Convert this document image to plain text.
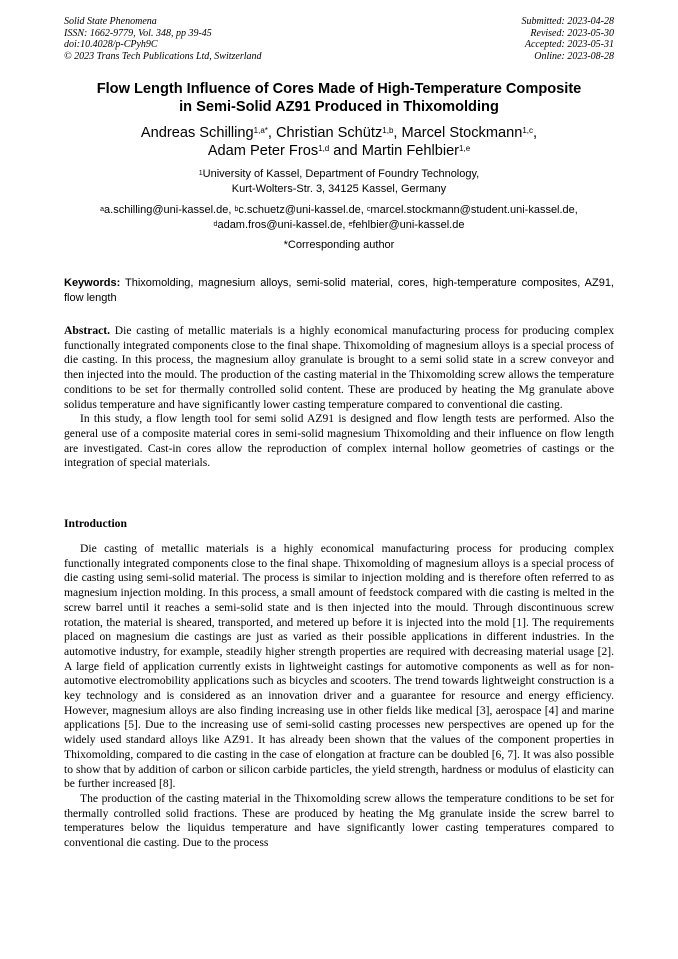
Solid State Phenomena
ISSN: 1662-9779, Vol. 348, pp 39-45
doi:10.4028/p-CPyh9C
© 2023 Trans Tech Publications Ltd, Switzerland
Submitted: 2023-04-28
Revised: 2023-05-30
Accepted: 2023-05-31
Online: 2023-08-28
Flow Length Influence of Cores Made of High-Temperature Composite
in Semi-Solid AZ91 Produced in Thixomolding
Andreas Schilling$^{1,a*}$, Christian Schütz$^{1,b}$, Marcel Stockmann$^{1,c}$,
Adam Peter Fros$^{1,d}$ and Martin Fehlbier$^{1,e}$
$^1$University of Kassel, Department of Foundry Technology,
Kurt-Wolters-Str. 3, 34125 Kassel, Germany
$^a$a.schilling@uni-kassel.de, $^b$c.schuetz@uni-kassel.de, $^c$marcel.stockmann@student.uni-kassel.de,
$^d$adam.fros@uni-kassel.de, $^e$fehlbier@uni-kassel.de
*Corresponding author
Keywords: Thixomolding, magnesium alloys, semi-solid material, cores, high-temperature composites, AZ91, flow length

Abstract. Die casting of metallic materials is a highly economical manufacturing process for producing complex functionally integrated components close to the final shape. Thixomolding of magnesium alloys is a special process of die casting. In this process, the magnesium alloy granulate is brought to a semi solid state in a screw conveyor and then injected into the mould. The production of the casting material in the Thixomolding screw allows the temperature conditions to be set for thermally controlled solid content. These are produced by heating the Mg granulate above solidus temperature and have significantly lower casting temperature compared to conventional die casting.

In this study, a flow length tool for semi solid AZ91 is designed and flow length tests are performed. Also the general use of a composite material cores in semi-solid magnesium Thixomolding and their influence on flow length are investigated. Cast-in cores allow the reproduction of complex internal hollow geometries of castings or the integration of special materials.

Introduction

Die casting of metallic materials is a highly economical manufacturing process for producing complex functionally integrated components close to the final shape. Thixomolding of magnesium alloys is a special process of die casting using semi-solid material. The process is similar to injection molding and is therefore often referred to as magnesium injection molding. In this process, a small amount of feedstock compared with die casting is melted in the screw barrel until it reaches a semi-solid state and is then injected into the mould. Through discontinuous screw rotation, the material is sheared, transported, and metered up before it is injected into the mold [1]. The requirements placed on magnesium die castings are just as varied as their possible applications in different industries. In the automotive industry, for example, steadily higher strength properties are required with decreasing material usage [2]. A large field of application currently exists in lightweight castings for automotive components as well as for non-automotive electromobility applications such as bicycles and scooters. The trend towards lightweight construction is a key technology and is considered as an innovation driver and a guarantee for resource and energy efficiency. However, magnesium alloys are also finding increasing use in other fields like medical [3], aerospace [4] and marine applications [5]. Due to the increasing use of semi-solid casting processes new perspectives are opened up for the widely used standard alloys like AZ91. It has already been shown that the values of the component properties in Thixomolding, compared to die casting in the case of elongation at fracture can be doubled [6, 7]. It was also possible to show that by addition of carbon or silicon carbide particles, the yield strength, hardness or modulus of elasticity can be further increased [8].

The production of the casting material in the Thixomolding screw allows the temperature conditions to be set for thermally controlled solid fractions. These are produced by heating the Mg granulate inside the screw barrel to temperatures below the liquidus temperature and have significantly lower casting temperatures compared to conventional die casting. Due to the process
